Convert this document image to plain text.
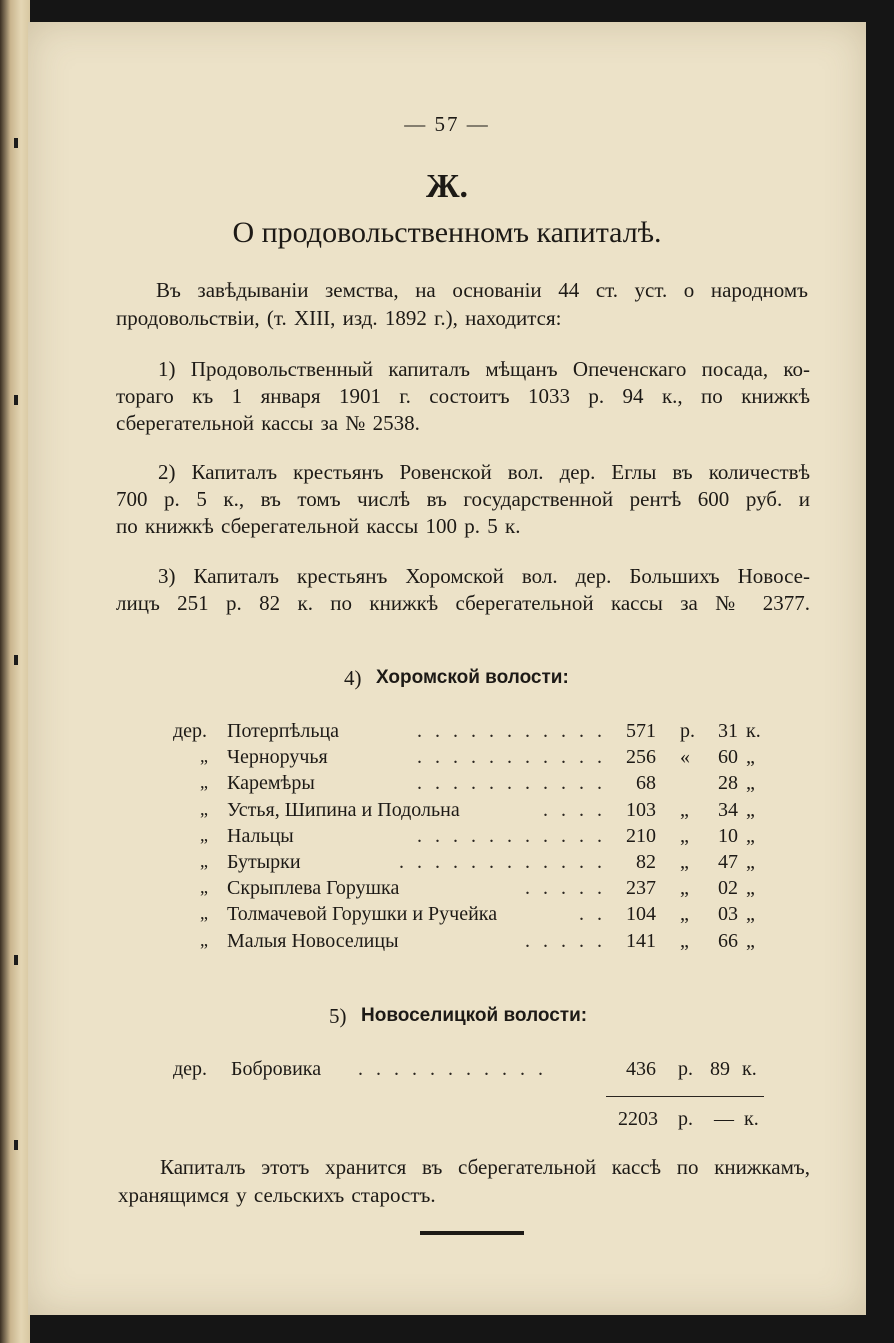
— 57 —
Ж.
О продовольственномъ капиталѣ.
Въ завѣдываніи земства, на основаніи 44 ст. уст. о народномъ
продовольствіи, (т. XIII, изд. 1892 г.), находится:
1) Продовольственный капиталъ мѣщанъ Опеченскаго посада, ко-
тораго къ 1 января 1901 г. состоитъ 1033 р. 94 к., по книжкѣ
сберегательной кассы за № 2538.
2) Капиталъ крестьянъ Ровенской вол. дер. Еглы въ количествѣ
700 р. 5 к., въ томъ числѣ въ государственной рентѣ 600 руб. и
по книжкѣ сберегательной кассы 100 р. 5 к.
3) Капиталъ крестьянъ Хоромской вол. дер. Большихъ Новосе-
лицъ 251 р. 82 к. по книжкѣ сберегательной кассы за № 2377.
4) Хоромской волости:
дер. Потерпѣльца	. . . . . . . . . . . 571 р. 31 к.
„ Черноручья	. . . . . . . . . . . 256 « 60 „
„ Каремѣры	. . . . . . . . . . . 68	28 „
„ Устья, Шипина и Подольна	. . . . 103 „ 34 „
„ Нальцы	. . . . . . . . . . . 210 „ 10 „
„ Бутырки	. . . . . . . . . . . . 82 „ 47 „
„ Скрыплева Горушка	. . . . . 237 „ 02 „
„ Толмачевой Горушки и Ручейка	. . 104 „ 03 „
„ Малыя Новоселицы	. . . . . 141 „ 66 „
5) Новоселицкой волости:
дер. Бобровика . . . . . . . . . . .	436 р. 89 к.
2203 р. — к.
Капиталъ этотъ хранится въ сберегательной кассѣ по книжкамъ,
хранящимся у сельскихъ старостъ.
